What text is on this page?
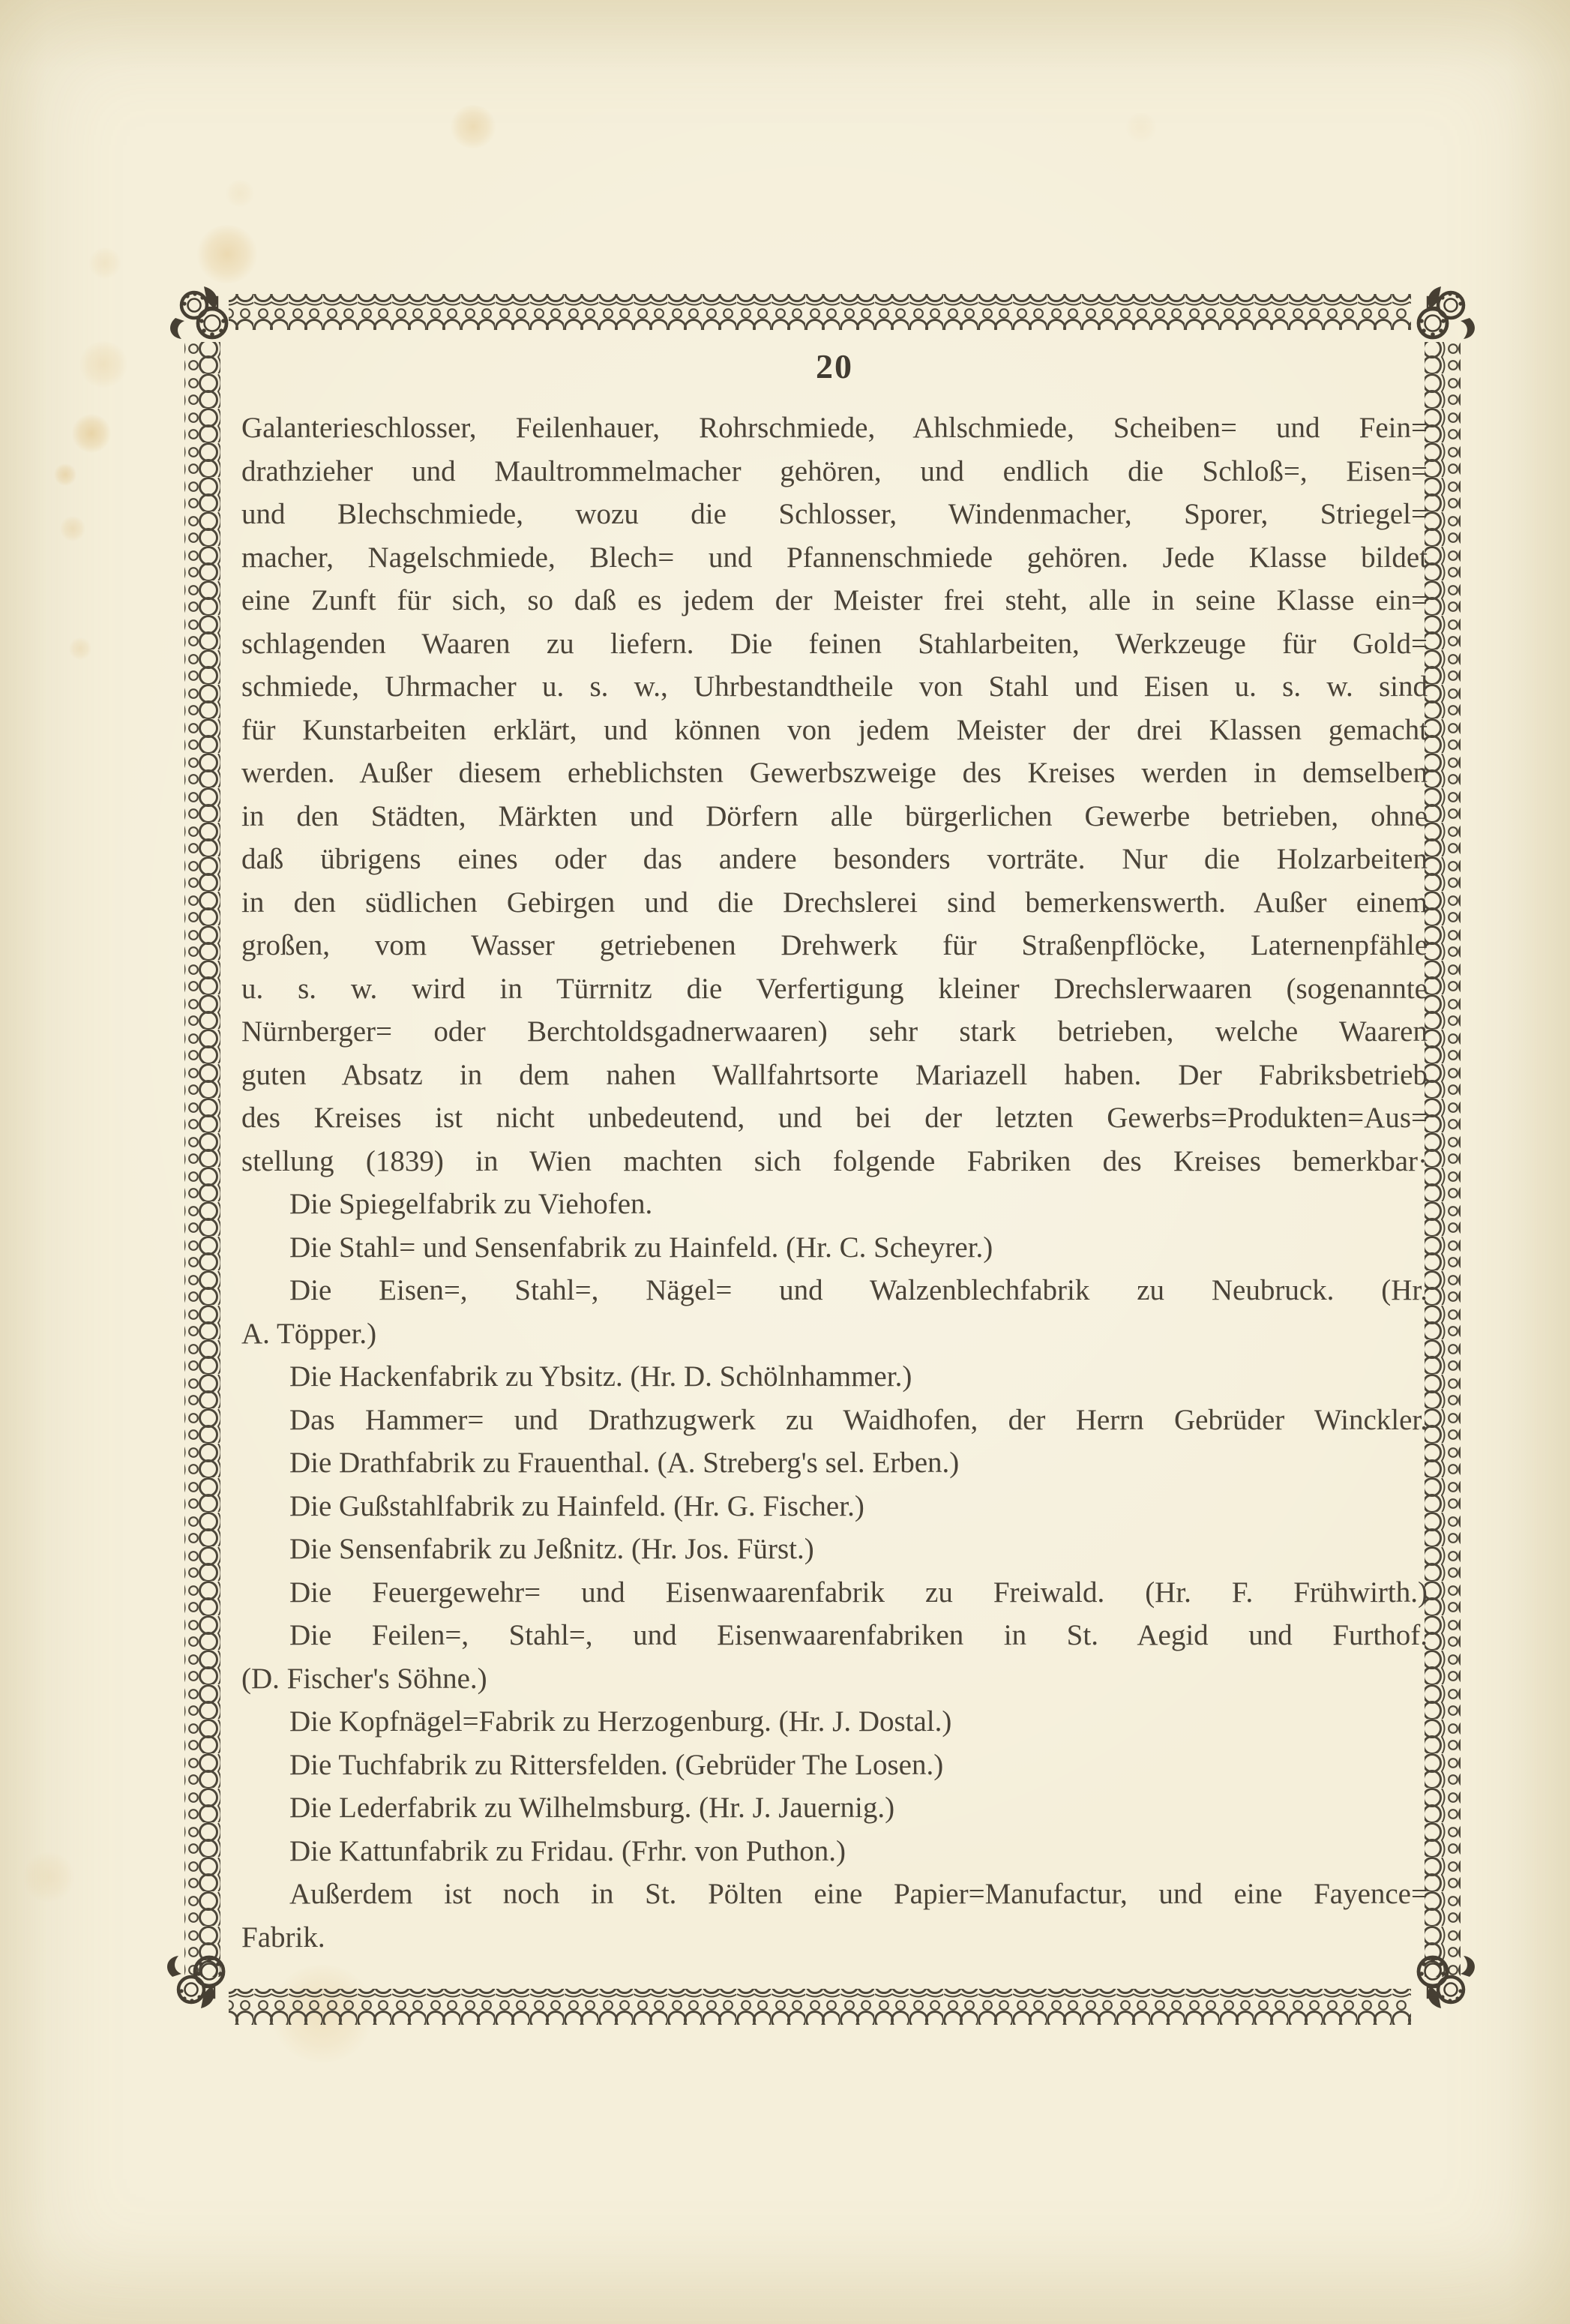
20
Galanterieschlosser, Feilenhauer, Rohrschmiede, Ahlschmiede, Scheiben= und Fein=
drathzieher und Maultrommelmacher gehören, und endlich die Schloß=, Eisen=
und Blechschmiede, wozu die Schlosser, Windenmacher, Sporer, Striegel=
macher, Nagelschmiede, Blech= und Pfannenschmiede gehören. Jede Klasse bildet
eine Zunft für sich, so daß es jedem der Meister frei steht, alle in seine Klasse ein=
schlagenden Waaren zu liefern. Die feinen Stahlarbeiten, Werkzeuge für Gold=
schmiede, Uhrmacher u. s. w., Uhrbestandtheile von Stahl und Eisen u. s. w. sind
für Kunstarbeiten erklärt, und können von jedem Meister der drei Klassen gemacht
werden. Außer diesem erheblichsten Gewerbszweige des Kreises werden in demselben
in den Städten, Märkten und Dörfern alle bürgerlichen Gewerbe betrieben, ohne
daß übrigens eines oder das andere besonders vorträte. Nur die Holzarbeiten
in den südlichen Gebirgen und die Drechslerei sind bemerkenswerth. Außer einem
großen, vom Wasser getriebenen Drehwerk für Straßenpflöcke, Laternenpfähle
u. s. w. wird in Türrnitz die Verfertigung kleiner Drechslerwaaren (sogenannte
Nürnberger= oder Berchtoldsgadnerwaaren) sehr stark betrieben, welche Waaren
guten Absatz in dem nahen Wallfahrtsorte Mariazell haben. Der Fabriksbetrieb
des Kreises ist nicht unbedeutend, und bei der letzten Gewerbs=Produkten=Aus=
stellung (1839) in Wien machten sich folgende Fabriken des Kreises bemerkbar·
Die Spiegelfabrik zu Viehofen.
Die Stahl= und Sensenfabrik zu Hainfeld. (Hr. C. Scheyrer.)
Die Eisen=, Stahl=, Nägel= und Walzenblechfabrik zu Neubruck. (Hr.
A. Töpper.)
Die Hackenfabrik zu Ybsitz. (Hr. D. Schölnhammer.)
Das Hammer= und Drathzugwerk zu Waidhofen, der Herrn Gebrüder Winckler.
Die Drathfabrik zu Frauenthal. (A. Streberg's sel. Erben.)
Die Gußstahlfabrik zu Hainfeld. (Hr. G. Fischer.)
Die Sensenfabrik zu Jeßnitz. (Hr. Jos. Fürst.)
Die Feuergewehr= und Eisenwaarenfabrik zu Freiwald. (Hr. F. Frühwirth.)
Die Feilen=, Stahl=, und Eisenwaarenfabriken in St. Aegid und Furthof.
(D. Fischer's Söhne.)
Die Kopfnägel=Fabrik zu Herzogenburg. (Hr. J. Dostal.)
Die Tuchfabrik zu Rittersfelden. (Gebrüder The Losen.)
Die Lederfabrik zu Wilhelmsburg. (Hr. J. Jauernig.)
Die Kattunfabrik zu Fridau. (Frhr. von Puthon.)
Außerdem ist noch in St. Pölten eine Papier=Manufactur, und eine Fayence=
Fabrik.
